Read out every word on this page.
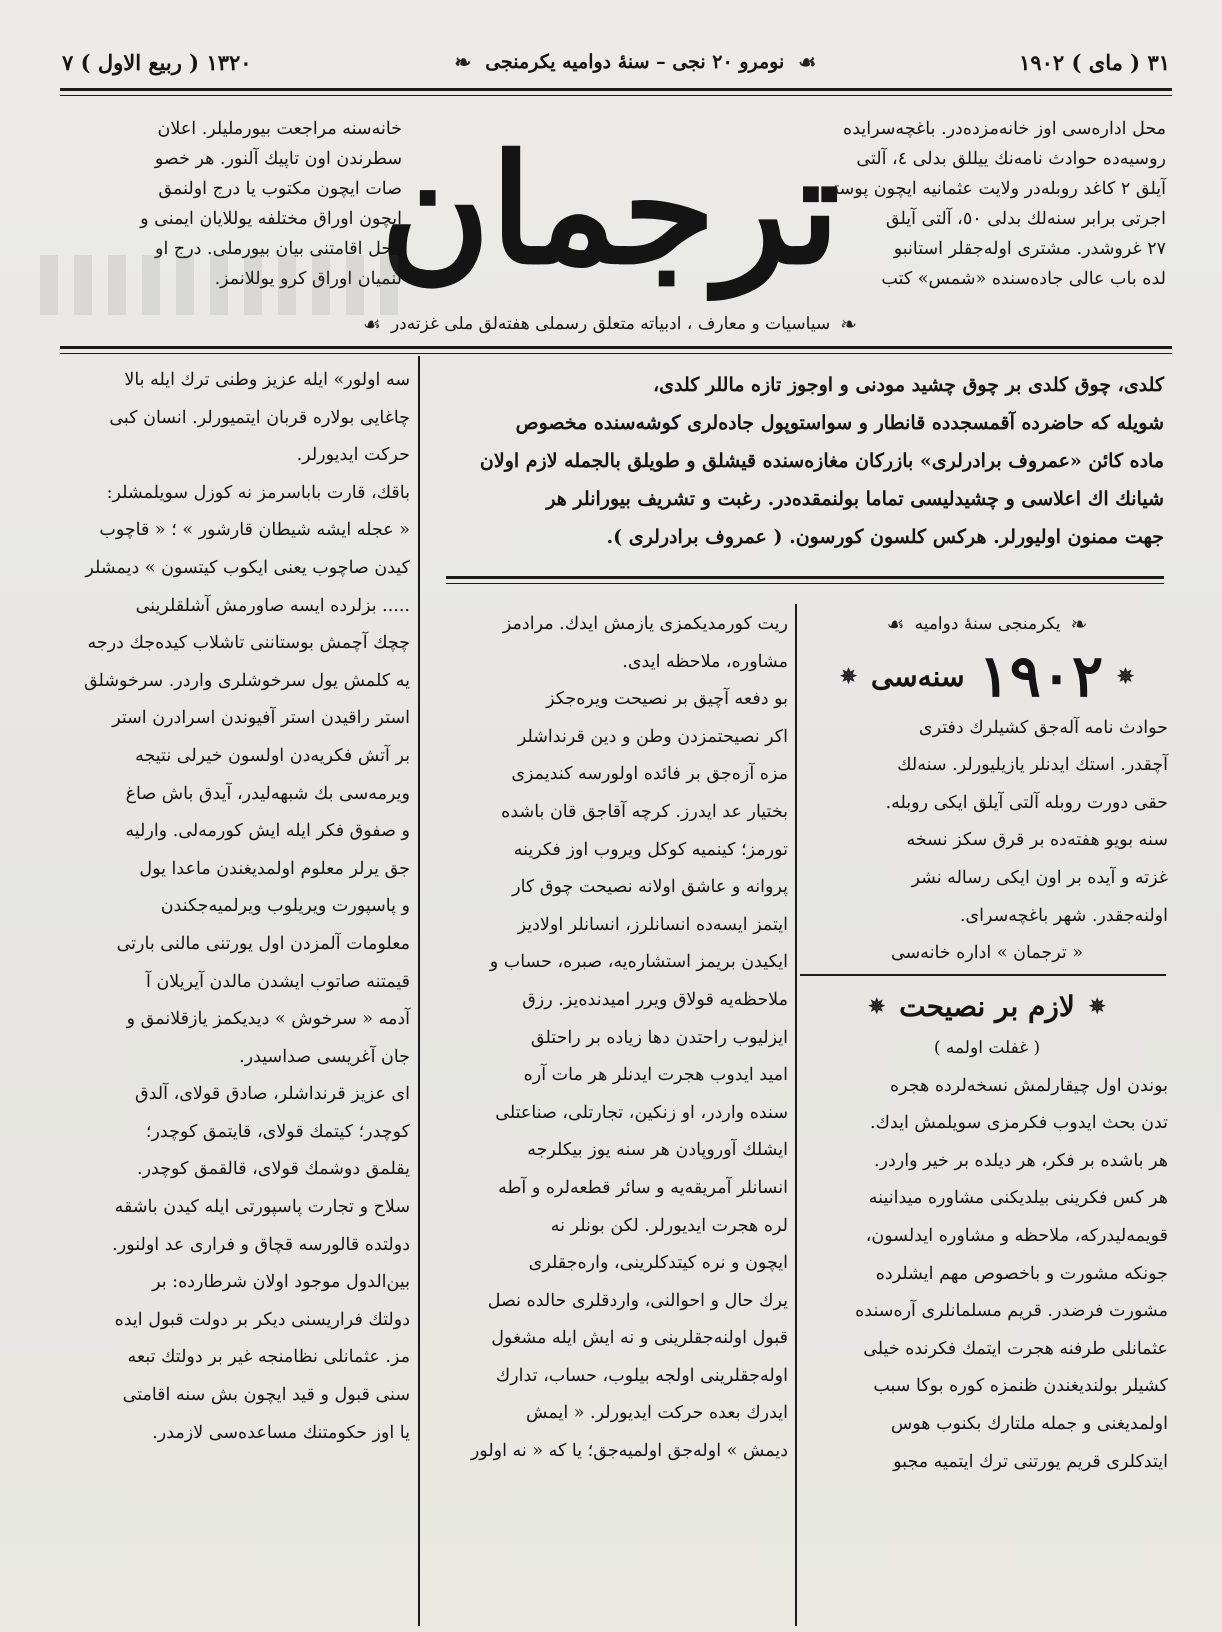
۷ ( ربیع الاول ) ۱۳۲۰	❧ نومرو ۲۰ نجی – سنهٔ دوامیه یکرمنجی ☙	۱۹۰۲ ( مای ) ۳۱
محل اداره‌سی اوز خانه‌مزده‌در. باغچه‌سرایده
روسیه‌ده حوادث نامه‌نك ییللق بدلی ٤، آلتی
آیلق ۲ کاغد روبله‌در ولایت عثمانیه ایچون پوسته
اجرتی برابر سنه‌لك بدلی ٥٠، آلتی آیلق
۲۷ غروشدر. مشتری اوله‌جقلر استانبو
لده باب عالی جاده‌سنده «شمس» کتب
ترجمان
خانه‌سنه مراجعت بیورملیلر. اعلان
سطرندن اون تاپیك آلنور. هر خصو
صات ایچون مکتوب یا درج اولنمق
ایچون اوراق مختلفه یوللایان ایمنی و
محل اقامتنی بیان بیورملی. درج او
لنمیان اوراق کرو یوللانمز.
❧
سیاسیات و معارف ، ادبیاته متعلق رسملی هفته‌لق ملی غزته‌در
☙

کلدی، چوق کلدی بر چوق چشید مودنی و اوجوز تازه ماللر کلدی،

شویله که حاضرده آقمسجدده قانطار و سواستوپول جاده‌لری کوشه‌سنده مخصوص

ماده کائن «عمروف برادرلری» بازرکان مغازه‌سنده قیشلق و طویلق بالجمله لازم اولان

شیانك اك اعلاسی و چشیدلیسی تماما بولنمقده‌در. رغبت و تشریف بیورانلر هر

جهت ممنون اولیورلر. هرکس کلسون کورسون. ( عمروف برادرلری ).

❧
یکرمنجی سنهٔ دوامیه
☙
✵
۱۹۰۲
سنه‌سی
✵

حوادث نامه آله‌جق کشیلرك دفتری

آچقدر. استك ایدنلر یازیلیورلر. سنه‌لك

حقی دورت روبله آلتی آیلق ایکی روبله.

سنه بویو هفته‌ده بر قرق سکز نسخه

غزته و آیده بر اون ایکی رساله نشر

اولنه‌جقدر. شهر باغچه‌سرای.

« ترجمان » اداره خانه‌سی

✵
لازم بر نصیحت
✵

( غفلت اولمه )

بوندن اول چیقارلمش نسخه‌لرده هجره

تدن بحث ایدوب فکرمزی سویلمش ایدك.

هر باشده بر فکر، هر دیلده بر خیر واردر.

هر کس فکرینی بیلدیکنی مشاوره میدانینه

قویمه‌لیدرکه، ملاحظه و مشاوره ایدلسون،

جونکه مشورت و باخصوص مهم ایشلرده

مشورت فرضدر. قریم مسلمانلری آره‌سنده

عثمانلی طرفنه هجرت ایتمك فکرنده خیلی

کشیلر بولندیغندن ظنمزه کوره بوکا سبب

اولمدیغنی و جمله ملتارك بکنوب هوس

ایتدکلری قریم یورتنی ترك ایتمیه مجبو

ریت کورمدیکمزی یازمش ایدك. مرادمز

مشاوره، ملاحظه ایدی.

بو دفعه آچیق بر نصیحت ویره‌جکز

اکر نصیحتمزدن وطن و دین قرنداشلر

مزه آزه‌جق بر فائده اولورسه کندیمزی

بختیار عد ایدرز. کرچه آقاجق قان باشده

تورمز؛ کینمیه کوکل ویروب اوز فکرینه

پروانه و عاشق اولانه نصیحت چوق کار

ایتمز ایسه‌ده انسانلرز، انسانلر اولادیز

ایکیدن بریمز استشاره‌یه، صبره، حساب و

ملاحظه‌یه قولاق ویرر امیدنده‌یز. رزق

ایزلیوب راحتدن دها زیاده بر راحتلق

امید ایدوب هجرت ایدنلر هر مات آره

سنده واردر، او زنکین، تجارتلی، صناعتلی

ایشلك آوروپادن هر سنه یوز بیکلرجه

انسانلر آمریقه‌یه و سائر قطعه‌لره و آطه

لره هجرت ایدیورلر. لکن بونلر نه

ایچون و نره کیتدکلرینی، واره‌جقلری

یرك حال و احوالنی، واردقلری حالده نصل

قبول اولنه‌جقلرینی و نه ایش ایله مشغول

اوله‌جقلرینی اولجه بیلوب، حساب، تدارك

ایدرك بعده حرکت ایدیورلر. « ایمش

دیمش » اوله‌جق اولمیه‌جق؛ یا که « نه اولور

سه اولور» ایله عزیز وطنی ترك ایله بالا

چاغایی بولاره قربان ایتمیورلر. انسان کبی

حرکت ایدیورلر.

باقك، قارت باباسرمز نه کوزل سویلمشلر:

« عجله ایشه شیطان قارشور » ؛ « قاچوب

کیدن صاچوب یعنی ایکوب کیتسون » دیمشلر

..... بزلرده ایسه صاورمش آشلقلرینی

چچك آچمش بوستاننی تاشلاب کیده‌جك درجه

یه کلمش یول سرخوشلری واردر. سرخوشلق

استر راقیدن استر آفیوندن اسرادرن استر

بر آتش فکریه‌دن اولسون خیرلی نتیجه

ویرمه‌سی بك شبهه‌لیدر، آیدق باش صاغ

و صفوق فکر ایله ایش کورمه‌لی. وارلیه

جق یرلر معلوم اولمدیغندن ماعدا یول

و پاسپورت ویریلوب ویرلمیه‌جکندن

معلومات آلمزدن اول یورتنی مالنی بارتی

قیمتنه صاتوب ایشدن مالدن آیریلان آ

آدمه « سرخوش » دیدیکمز یازقلانمق و

جان آغریسی صداسیدر.

ای عزیز قرنداشلر، صادق قولای، آلدق

کوچدر؛ کیتمك قولای، قایتمق کوچدر؛

یقلمق دوشمك قولای، قالقمق کوچدر.

سلاح و تجارت پاسپورتی ایله کیدن باشقه

دولتده قالورسه قچاق و فراری عد اولنور.

بین‌الدول موجود اولان شرطارده: بر

دولتك فراریسنی دیکر بر دولت قبول ایده

مز. عثمانلی نظامنجه غیر بر دولتك تبعه

سنی قبول و قید ایچون بش سنه اقامتی

یا اوز حکومتنك مساعده‌سی لازمدر.
